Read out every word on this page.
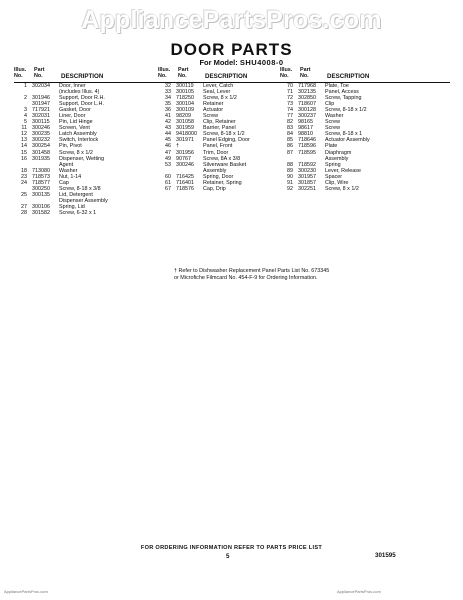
AppliancePartsPros.com
DOOR PARTS
For Model: SHU4008-0
Illus.
No.
Part
No.	DESCRIPTION
1 302034 Door, Inner
(includes Illus. 4)
2 301946 Support, Door R.H.
301947 Support, Door L.H.
3 717921 Gasket, Door
4 302031 Liner, Door
5 300115 Pin, Lid Hinge
11 300246 Screen, Vent
12 300235 Latch Assembly
13 300232 Switch, Interlock
14 300254 Pin, Pivot
15 301458 Screw, 8 x 1/2
16 301935 Dispenser, Wetting
Agent
18 713080 Washer
23 718573 Nut, 1-14
24 718577 Cap
300250 Screw, 8-18 x 3/8
25 300135 Lid, Detergent
Dispenser Assembly
27 300106 Spring, Lid
28 301582 Screw, 6-32 x 1
Illus.
No.
Part
No.	DESCRIPTION
32 300119 Lever, Catch
33 300105 Seal, Lever
34 718250 Screw, 8 x 1/2
35 300104 Retainer
36 300109 Actuator
41 98209 Screw
42 301058 Clip, Retainer
43 301959 Barrier, Panel
44 9418000 Screw, 8-18 x 1/2
45 301971 Panel Edging, Door
46 †	Panel, Front
47 301956 Trim, Door
49 90767 Screw, 8A x 3/8
53 300246 Silverware Basket
Assembly
60 716425 Spring, Door
61 716401 Retainer, Spring
67 718576 Cap, Drip
Illus.
No.
Part
No.	DESCRIPTION
70 717968 Plate, Toe
71 302135 Panel, Access
72 302850 Screw, Tapping
73 718607 Clip
74 300128 Screw, 8-18 x 1/2
77 300237 Washer
82 98165 Screw
83 98617 Screw
84 98810 Screw, 8-18 x 1
85 718646 Actuator Assembly
86 718596 Plate
87 718595 Diaphragm
Assembly
88 718592 Spring
89 300230 Lever, Release
90 301957 Spacer
91 301857 Clip, Wire
92 302251 Screw, 8 x 1/2
† Refer to Dishwasher Replacement Panel Parts List No. 673345 or Microfiche Filmcard No. 454-F-9 for Ordering Information.
FOR ORDERING INFORMATION REFER TO PARTS PRICE LIST
5	301595
AppliancePartsPros.com	AppliancePartsPros.com
